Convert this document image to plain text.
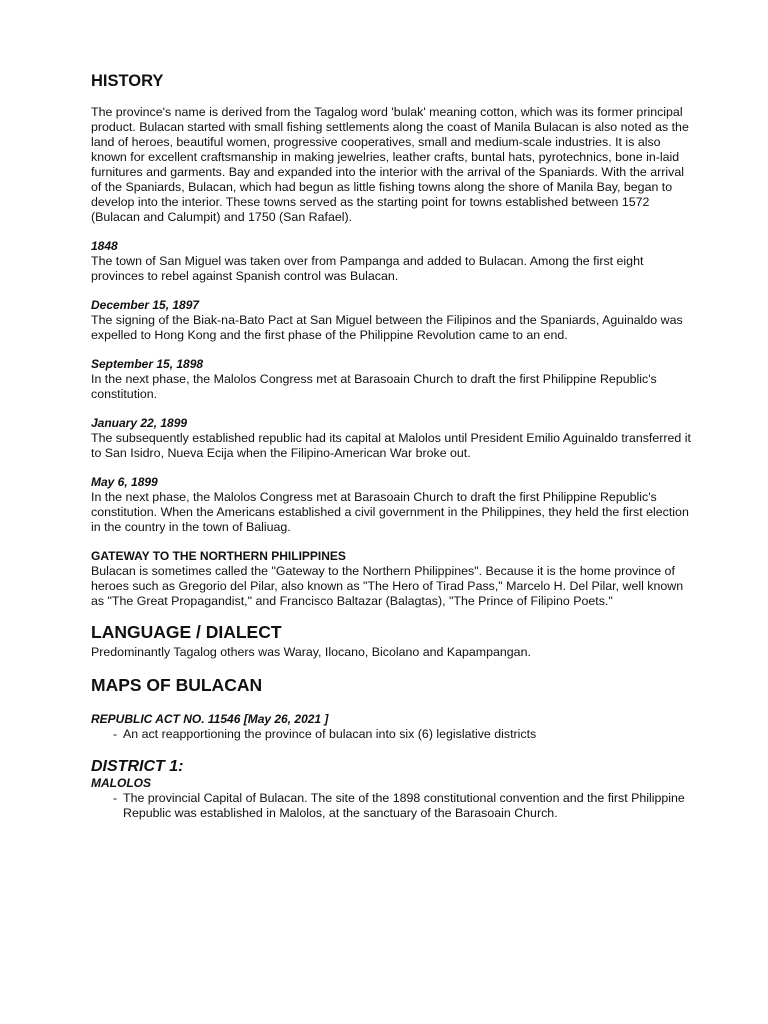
HISTORY

The province's name is derived from the Tagalog word 'bulak' meaning cotton, which was its former principal product. Bulacan started with small fishing settlements along the coast of Manila Bulacan is also noted as the land of heroes, beautiful women, progressive cooperatives, small and medium-scale industries. It is also known for excellent craftsmanship in making jewelries, leather crafts, buntal hats, pyrotechnics, bone in-laid furnitures and garments. Bay and expanded into the interior with the arrival of the Spaniards. With the arrival of the Spaniards, Bulacan, which had begun as little fishing towns along the shore of Manila Bay, began to develop into the interior. These towns served as the starting point for towns established between 1572 (Bulacan and Calumpit) and 1750 (San Rafael).

1848

The town of San Miguel was taken over from Pampanga and added to Bulacan. Among the first eight provinces to rebel against Spanish control was Bulacan.

December 15, 1897

The signing of the Biak-na-Bato Pact at San Miguel between the Filipinos and the Spaniards, Aguinaldo was expelled to Hong Kong and the first phase of the Philippine Revolution came to an end.

September 15, 1898

In the next phase, the Malolos Congress met at Barasoain Church to draft the first Philippine Republic's constitution.

January 22, 1899

The subsequently established republic had its capital at Malolos until President Emilio Aguinaldo transferred it to San Isidro, Nueva Ecija when the Filipino-American War broke out.

May 6, 1899

In the next phase, the Malolos Congress met at Barasoain Church to draft the first Philippine Republic's constitution. When the Americans established a civil government in the Philippines, they held the first election in the country in the town of Baliuag.

GATEWAY TO THE NORTHERN PHILIPPINES

Bulacan is sometimes called the "Gateway to the Northern Philippines". Because it is the home province of heroes such as Gregorio del Pilar, also known as "The Hero of Tirad Pass," Marcelo H. Del Pilar, well known as "The Great Propagandist," and Francisco Baltazar (Balagtas), "The Prince of Filipino Poets."

LANGUAGE / DIALECT

Predominantly Tagalog others was Waray, Ilocano, Bicolano and Kapampangan.

MAPS OF BULACAN
REPUBLIC ACT NO. 11546 [May 26, 2021 ]
- An act reapportioning the province of bulacan into six (6) legislative districts
DISTRICT 1:
MALOLOS
- The provincial Capital of Bulacan. The site of the 1898 constitutional convention and the first Philippine Republic was established in Malolos, at the sanctuary of the Barasoain Church.
